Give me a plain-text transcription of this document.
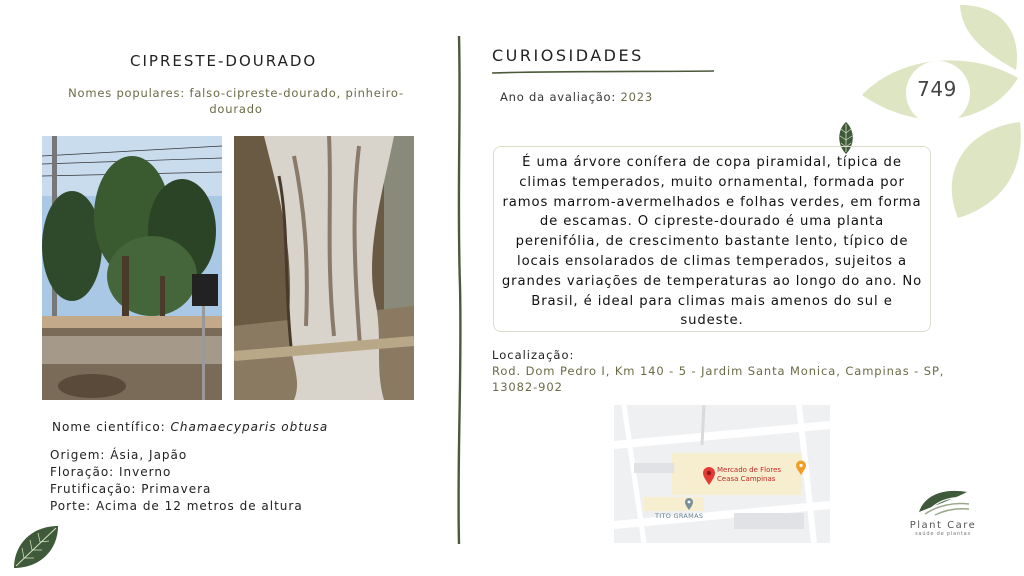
749
CIPRESTE-DOURADO
Nomes populares: falso-cipreste-dourado, pinheiro-dourado
Nome científico: Chamaecyparis obtusa
Origem: Ásia, Japão
Floração: Inverno
Frutificação: Primavera
Porte: Acima de 12 metros de altura
CURIOSIDADES
Ano da avaliação: 2023
É uma árvore conífera de copa piramidal, típica de climas temperados, muito ornamental, formada por ramos marrom-avermelhados e folhas verdes, em forma de escamas. O cipreste-dourado é uma planta perenifólia, de crescimento bastante lento, típico de locais ensolarados de climas temperados, sujeitos a grandes variações de temperaturas ao longo do ano. No Brasil, é ideal para climas mais amenos do sul e sudeste.
Localização:
Rod. Dom Pedro I, Km 140 - 5 - Jardim Santa Monica, Campinas - SP, 13082-902
Mercado de Flores
Ceasa Campinas
TITO GRAMAS
Plant Care
saúde de plantas
